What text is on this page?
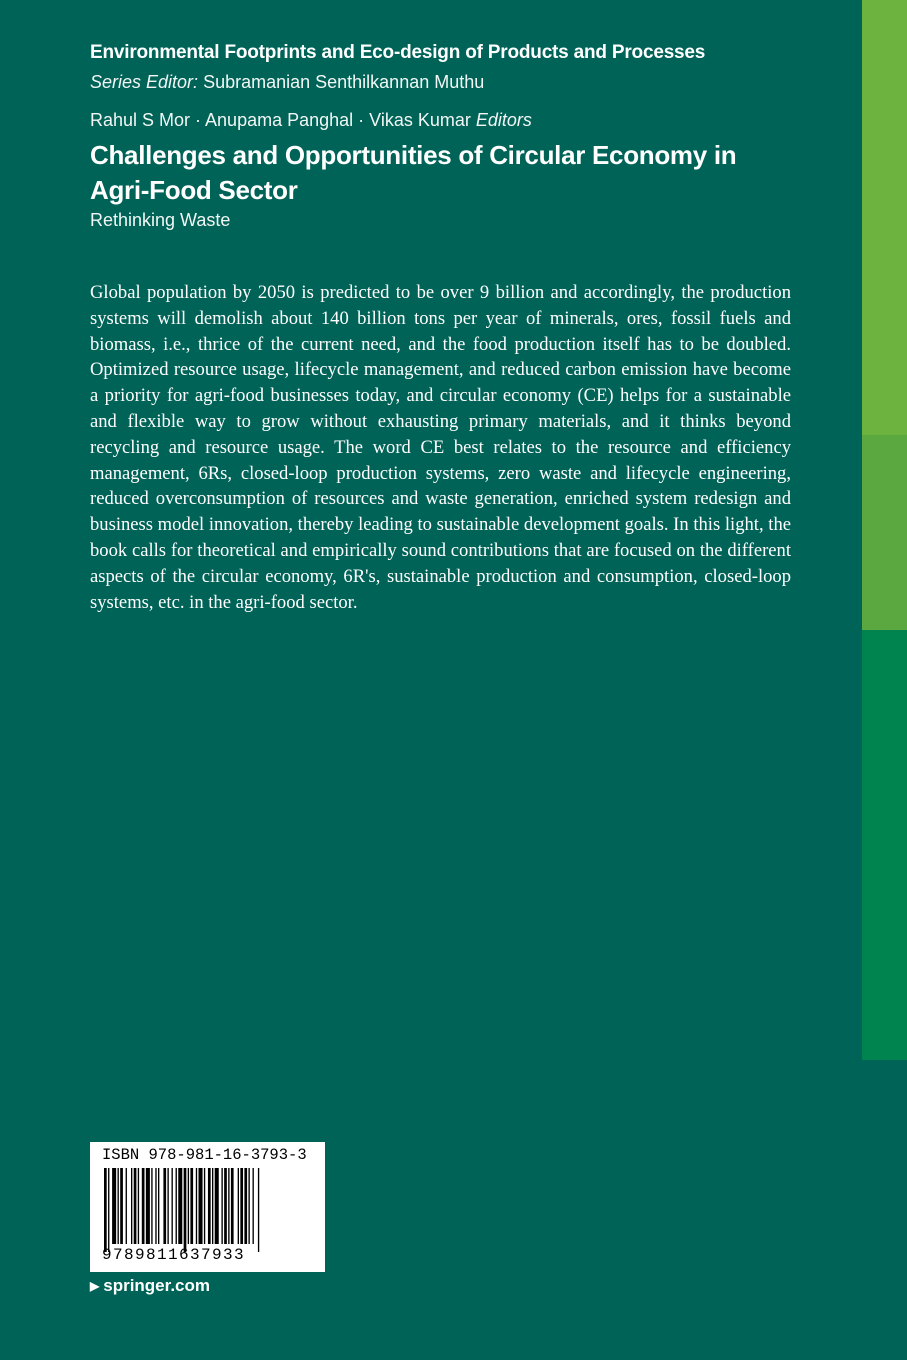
Environmental Footprints and Eco-design of Products and Processes
Series Editor: Subramanian Senthilkannan Muthu
Rahul S Mor · Anupama Panghal · Vikas Kumar Editors
Challenges and Opportunities of Circular Economy in Agri-Food Sector
Rethinking Waste
Global population by 2050 is predicted to be over 9 billion and accordingly, the production systems will demolish about 140 billion tons per year of minerals, ores, fossil fuels and biomass, i.e., thrice of the current need, and the food production itself has to be doubled. Optimized resource usage, lifecycle management, and reduced carbon emission have become a priority for agri-food businesses today, and circular economy (CE) helps for a sustainable and flexible way to grow without exhausting primary materials, and it thinks beyond recycling and resource usage. The word CE best relates to the resource and efficiency management, 6Rs, closed-loop production systems, zero waste and lifecycle engineering, reduced overconsumption of resources and waste generation, enriched system redesign and business model innovation, thereby leading to sustainable development goals. In this light, the book calls for theoretical and empirically sound contributions that are focused on the different aspects of the circular economy, 6R's, sustainable production and consumption, closed-loop systems, etc. in the agri-food sector.
ISBN 978-981-16-3793-3
9789811637933
▶ springer.com
